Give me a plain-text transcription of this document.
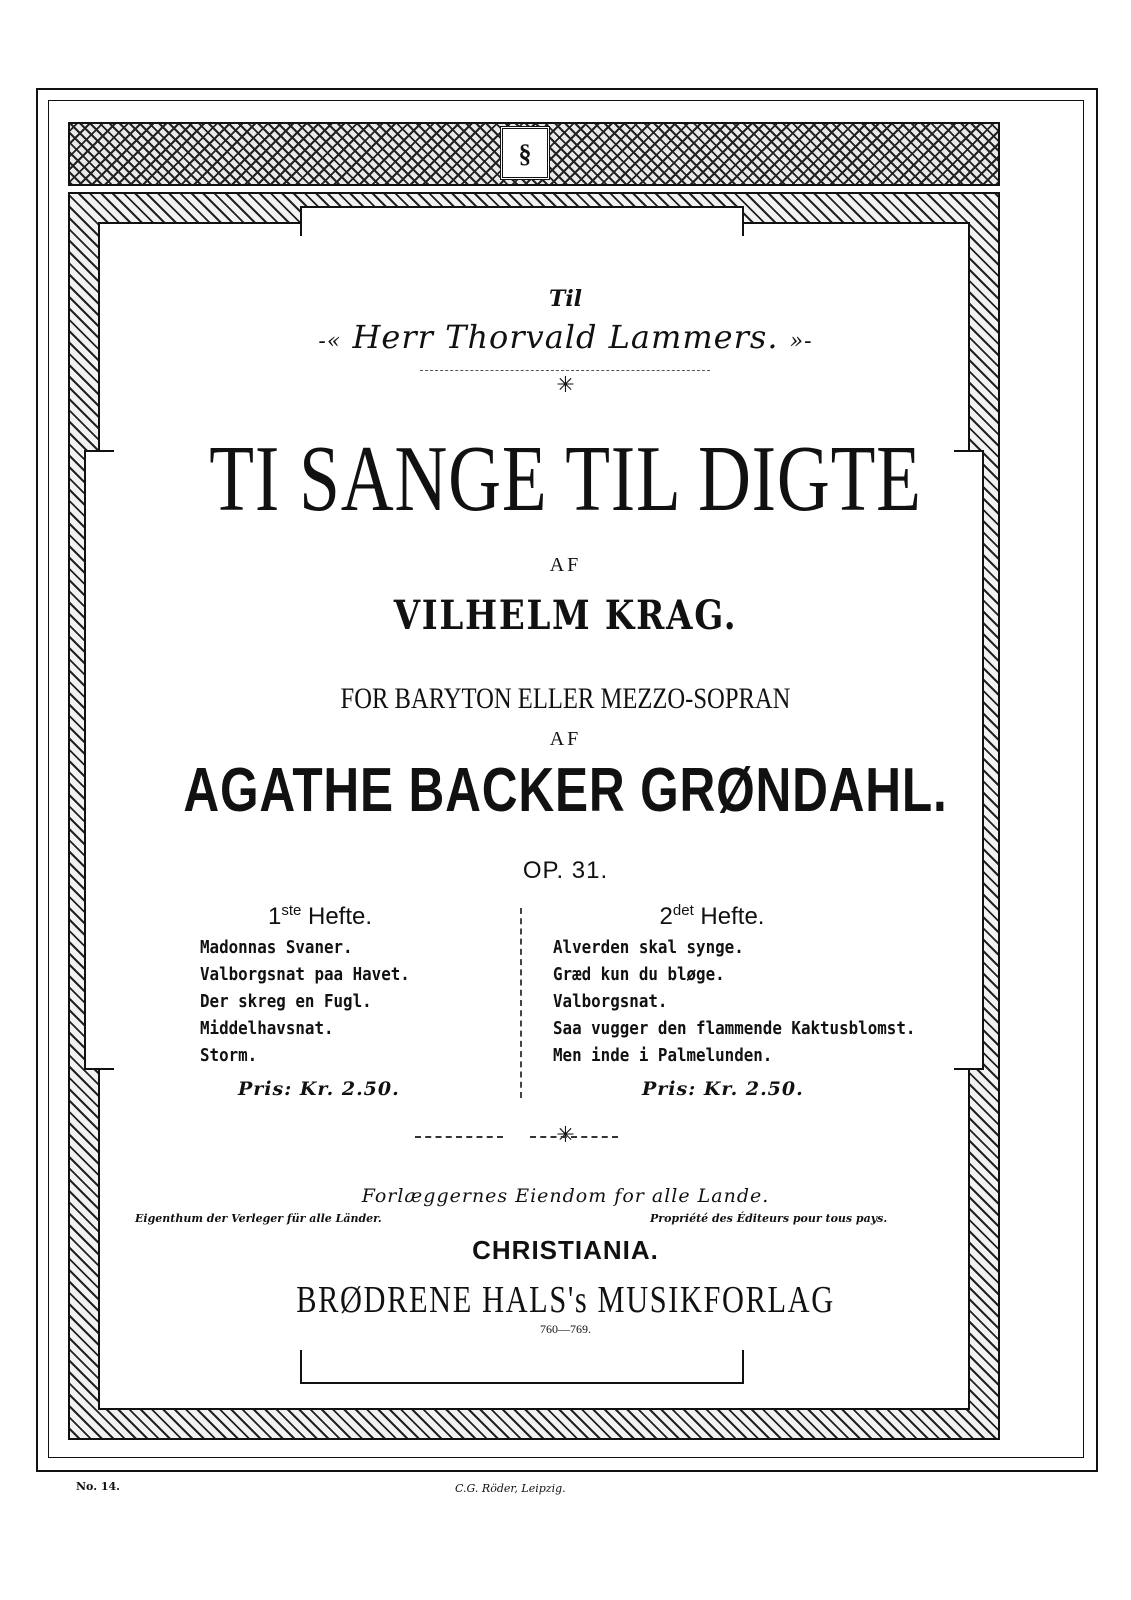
§
Til
-« Herr Thorvald Lammers. »-
✳
TI SANGE TIL DIGTE
AF
VILHELM KRAG.
FOR BARYTON ELLER MEZZO-SOPRAN
AF
AGATHE BACKER GRØNDAHL.
OP. 31.
1ste Hefte.
Madonnas Svaner.
Valborgsnat paa Havet.
Der skreg en Fugl.
Middelhavsnat.
Storm.
Pris: Kr. 2.50.
$2^{det}$ Hefte.
Alverden skal synge.
Græd kun du bløge.
Valborgsnat.
Saa vugger den flammende Kaktusblomst.
Men inde i Palmelunden.
Pris: Kr. 2.50.
✳
Forlæggernes Eiendom for alle Lande.
Eigenthum der Verleger für alle Länder.	Propriété des Éditeurs pour tous pays.
CHRISTIANIA.
BRØDRENE HALS's MUSIKFORLAG
760—769.
No. 14.	C.G. Röder, Leipzig.
